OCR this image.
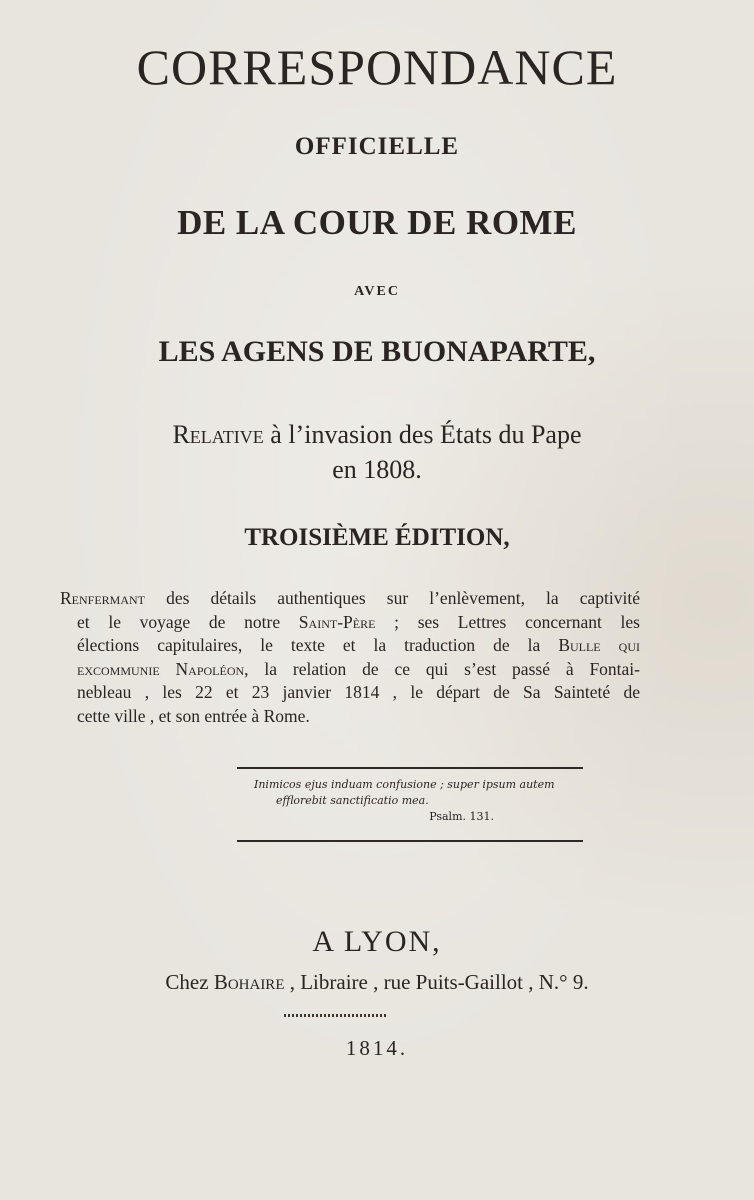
CORRESPONDANCE
OFFICIELLE
DE LA COUR DE ROME
AVEC
LES AGENS DE BUONAPARTE,
Relative à l’invasion des États du Pape
en 1808.
TROISIÈME ÉDITION,
Renfermant des détails authentiques sur l’enlèvement, la captivité
et le voyage de notre Saint-Père ; ses Lettres concernant les
élections capitulaires, le texte et la traduction de la Bulle qui
excommunie Napoléon, la relation de ce qui s’est passé à Fontai-
nebleau , les 22 et 23 janvier 1814 , le départ de Sa Sainteté de
cette ville , et son entrée à Rome.
Inimicos ejus induam confusione ; super ipsum autem
efflorebit sanctificatio mea.
Psalm. 131.
A LYON,
Chez Bohaire , Libraire , rue Puits-Gaillot , N.° 9.
1814.
